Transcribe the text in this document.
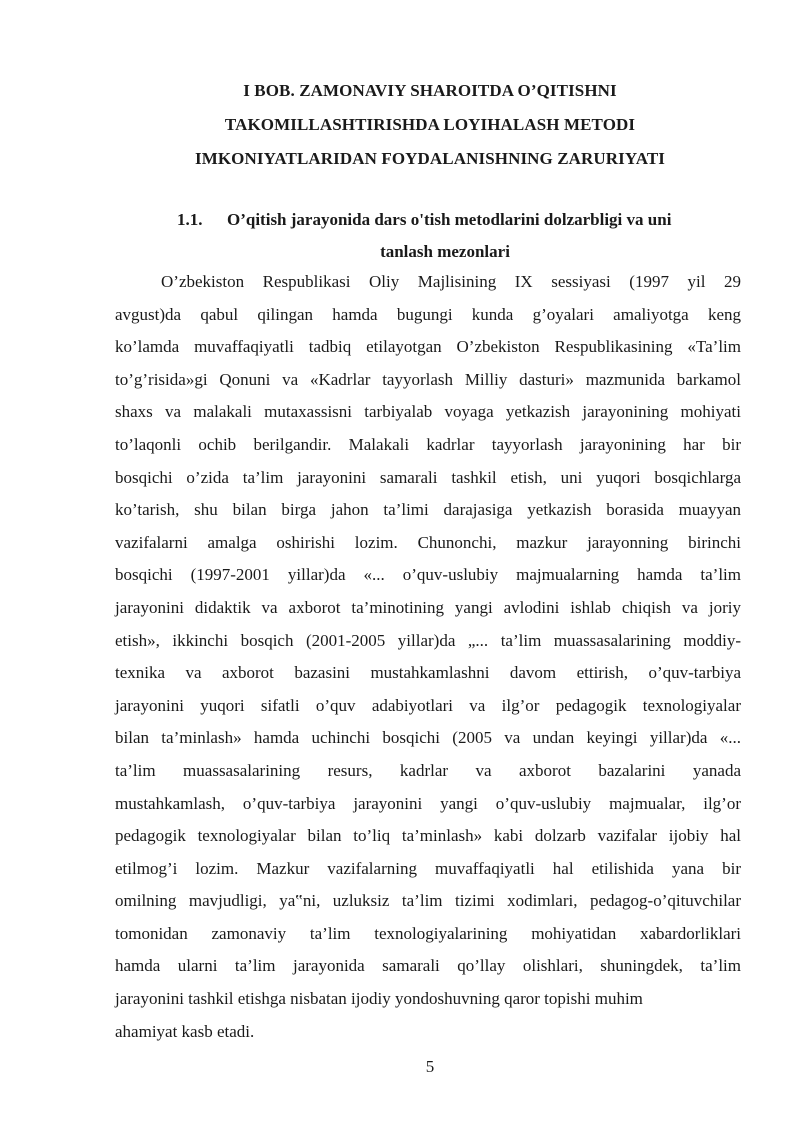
I BOB. ZAMONAVIY SHAROITDA O’QITISHNI
TAKOMILLASHTIRISHDA LOYIHALASH METODI
IMKONIYATLARIDAN FOYDALANISHNING ZARURIYATI
1.1. O’qitish jarayonida dars o'tish metodlarini dolzarbligi va uni
tanlash mezonlari
O’zbekiston Respublikasi Oliy Majlisining IX sessiyasi (1997 yil 29
avgust)da qabul qilingan hamda bugungi kunda g’oyalari amaliyotga keng
ko’lamda muvaffaqiyatli tadbiq etilayotgan O’zbekiston Respublikasining «Ta’lim
to’g’risida»gi Qonuni va «Kadrlar tayyorlash Milliy dasturi» mazmunida barkamol
shaxs va malakali mutaxassisni tarbiyalab voyaga yetkazish jarayonining mohiyati
to’laqonli ochib berilgandir. Malakali kadrlar tayyorlash jarayonining har bir
bosqichi o’zida ta’lim jarayonini samarali tashkil etish, uni yuqori bosqichlarga
ko’tarish, shu bilan birga jahon ta’limi darajasiga yetkazish borasida muayyan
vazifalarni amalga oshirishi lozim. Chunonchi, mazkur jarayonning birinchi
bosqichi (1997-2001 yillar)da «... o’quv-uslubiy majmualarning hamda ta’lim
jarayonini didaktik va axborot ta’minotining yangi avlodini ishlab chiqish va joriy
etish», ikkinchi bosqich (2001-2005 yillar)da „... ta’lim muassasalarining moddiy-
texnika va axborot bazasini mustahkamlashni davom ettirish, o’quv-tarbiya
jarayonini yuqori sifatli o’quv adabiyotlari va ilg’or pedagogik texnologiyalar
bilan ta’minlash» hamda uchinchi bosqichi (2005 va undan keyingi yillar)da «...
ta’lim muassasalarining resurs, kadrlar va axborot bazalarini yanada
mustahkamlash, o’quv-tarbiya jarayonini yangi o’quv-uslubiy majmualar, ilg’or
pedagogik texnologiyalar bilan to’liq ta’minlash» kabi dolzarb vazifalar ijobiy hal
etilmog’i lozim. Mazkur vazifalarning muvaffaqiyatli hal etilishida yana bir
omilning mavjudligi, ya‟ni, uzluksiz ta’lim tizimi xodimlari, pedagog-o’qituvchilar
tomonidan zamonaviy ta’lim texnologiyalarining mohiyatidan xabardorliklari
hamda ularni ta’lim jarayonida samarali qo’llay olishlari, shuningdek, ta’lim
jarayonini tashkil etishga nisbatan ijodiy yondoshuvning qaror topishi muhim
ahamiyat kasb etadi.
5
